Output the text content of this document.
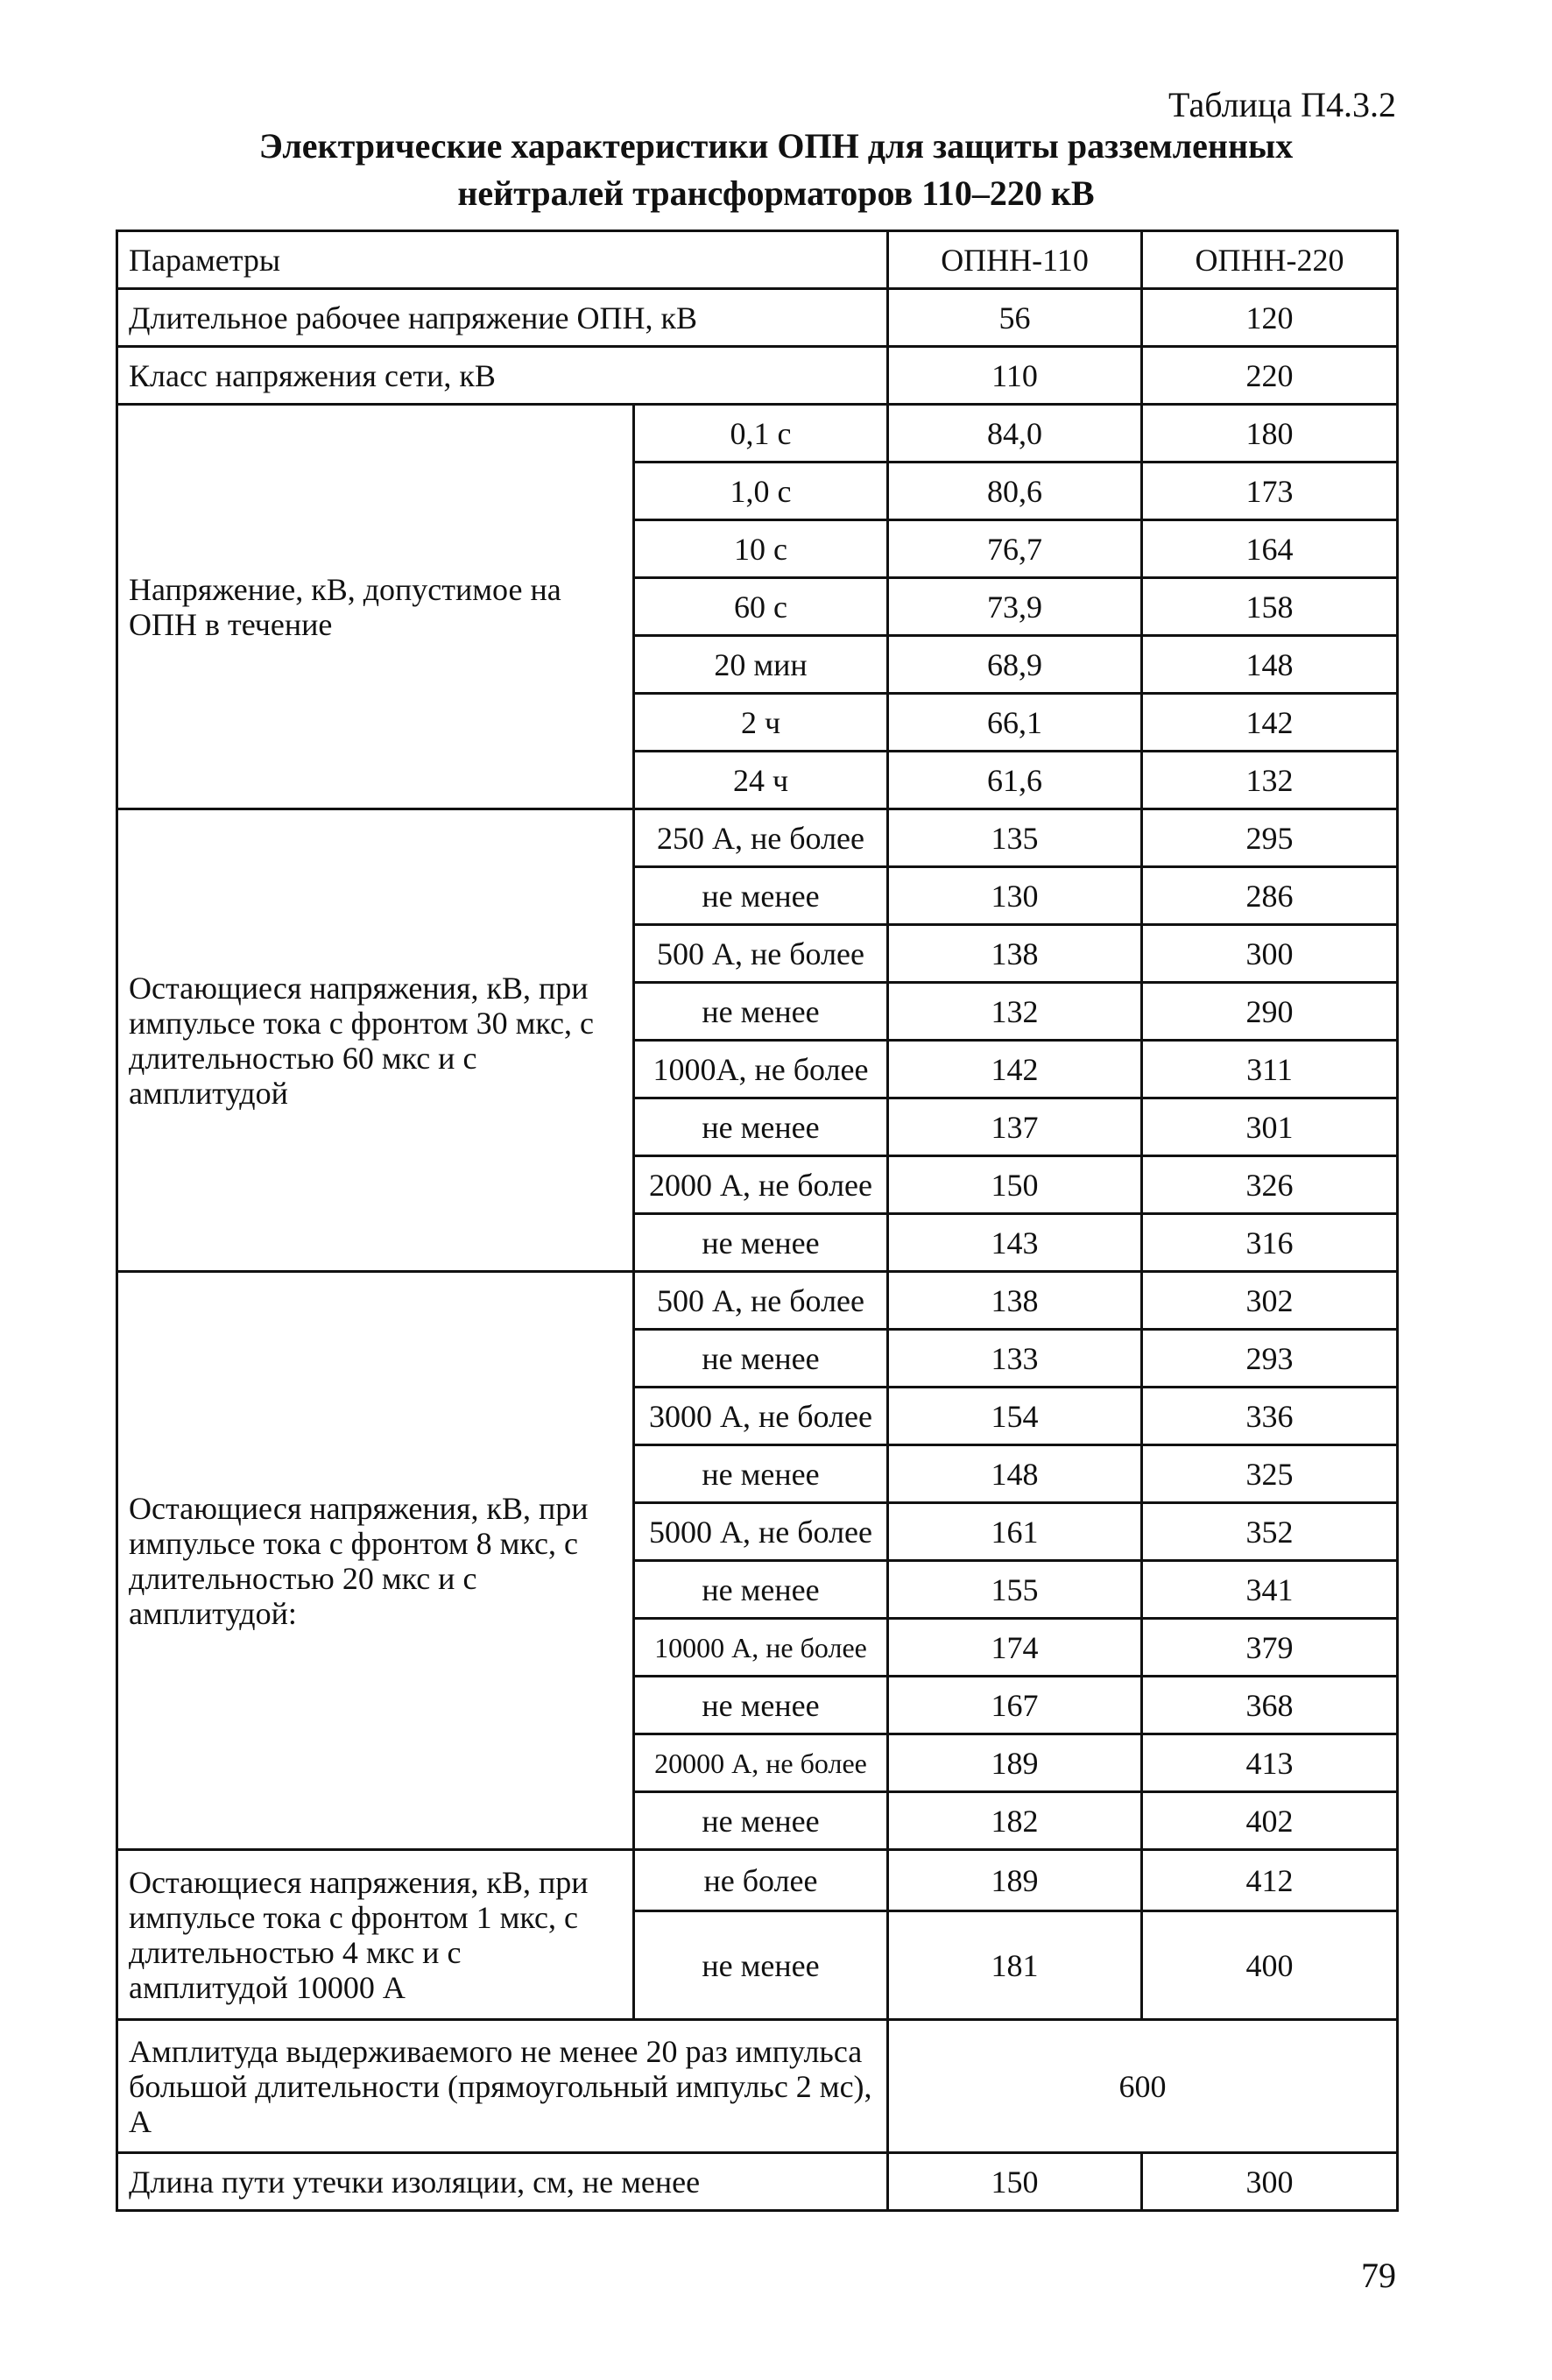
Таблица П4.3.2
Электрические характеристики ОПН для защиты разземленных
нейтралей трансформаторов 110–220 кВ
Параметры		ОПНН-110	ОПНН-220
Длительное рабочее напряжение ОПН, кВ		56	120
Класс напряжения сети, кВ		110	220
Напряжение, кВ, допустимое на ОПН в течение	0,1 с	84,0	180
	1,0 с	80,6	173
	10 с	76,7	164
	60 с	73,9	158
	20 мин	68,9	148
	2 ч	66,1	142
	24 ч	61,6	132
Остающиеся напряжения, кВ, при импульсе тока с фронтом 30 мкс, с длительностью 60 мкс и с амплитудой	250 А, не более	135	295
	не менее	130	286
	500 А, не более	138	300
	не менее	132	290
	1000А, не более	142	311
	не менее	137	301
	2000 А, не более	150	326
	не менее	143	316
Остающиеся напряжения, кВ, при импульсе тока с фронтом 8 мкс, с длительностью 20 мкс и с амплитудой:	500 А, не более	138	302
	не менее	133	293
	3000 А, не более	154	336
	не менее	148	325
	5000 А, не более	161	352
	не менее	155	341
	10000 А, не более	174	379
	не менее	167	368
	20000 А, не более	189	413
	не менее	182	402
Остающиеся напряжения, кВ, при импульсе тока с фронтом 1 мкс, с длительностью 4 мкс и с амплитудой 10000 А	не более	189	412
	не менее	181	400
Амплитуда выдерживаемого не менее 20 раз импульса большой длительности (прямоугольный импульс 2 мс), А		600	
Длина пути утечки изоляции, см, не менее		150	300
79
